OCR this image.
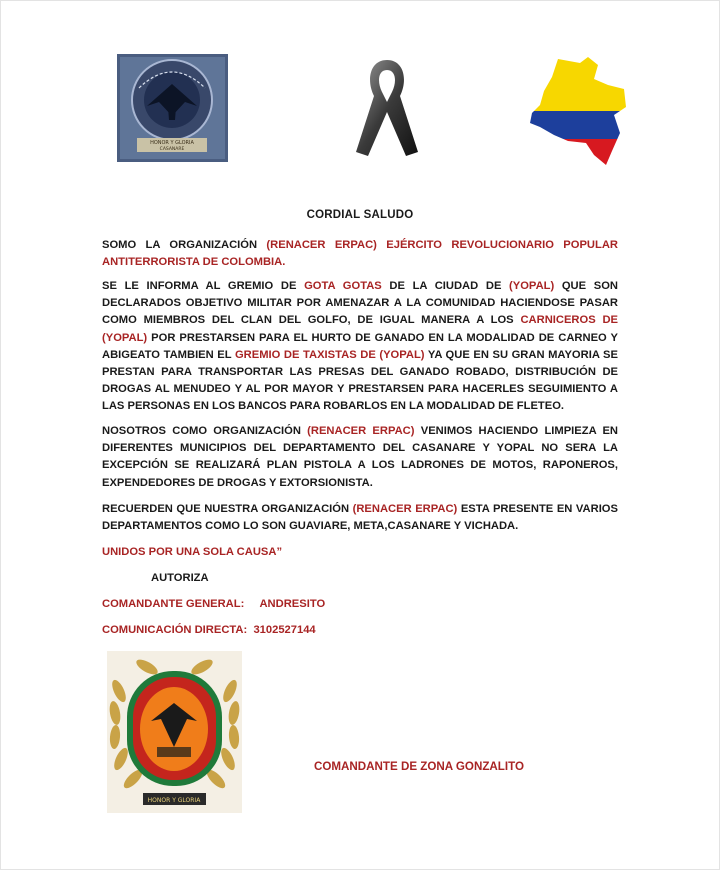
HONOR Y GLORIA
CASANARE
CORDIAL SALUDO
SOMO LA ORGANIZACIÓN (RENACER ERPAC) EJÉRCITO REVOLUCIONARIO POPULAR ANTITERRORISTA DE COLOMBIA.
SE LE INFORMA AL GREMIO DE GOTA GOTAS DE LA CIUDAD DE (YOPAL) QUE SON DECLARADOS OBJETIVO MILITAR POR AMENAZAR A LA COMUNIDAD HACIENDOSE PASAR COMO MIEMBROS DEL CLAN DEL GOLFO, DE IGUAL MANERA A LOS CARNICEROS DE (YOPAL) POR PRESTARSEN PARA EL HURTO DE GANADO EN LA MODALIDAD DE CARNEO Y ABIGEATO TAMBIEN EL GREMIO DE TAXISTAS DE (YOPAL) YA QUE EN SU GRAN MAYORIA SE PRESTAN PARA TRANSPORTAR LAS PRESAS DEL GANADO ROBADO, DISTRIBUCIÓN DE DROGAS AL MENUDEO Y AL POR MAYOR Y PRESTARSEN PARA HACERLES SEGUIMIENTO A LAS PERSONAS EN LOS BANCOS PARA ROBARLOS EN LA MODALIDAD DE FLETEO.
NOSOTROS COMO ORGANIZACIÓN (RENACER ERPAC) VENIMOS HACIENDO LIMPIEZA EN DIFERENTES MUNICIPIOS DEL DEPARTAMENTO DEL CASANARE Y YOPAL NO SERA LA EXCEPCIÓN SE REALIZARÁ PLAN PISTOLA A LOS LADRONES DE MOTOS, RAPONEROS, EXPENDEDORES DE DROGAS Y EXTORSIONISTA.
RECUERDEN QUE NUESTRA ORGANIZACIÓN (RENACER ERPAC) ESTA PRESENTE EN VARIOS DEPARTAMENTOS COMO LO SON GUAVIARE, META,CASANARE Y VICHADA.
UNIDOS POR UNA SOLA CAUSA”
AUTORIZA
COMANDANTE GENERAL: ANDRESITO
COMUNICACIÓN DIRECTA: 3102527144
HONOR Y GLORIA
COMANDANTE DE ZONA GONZALITO
